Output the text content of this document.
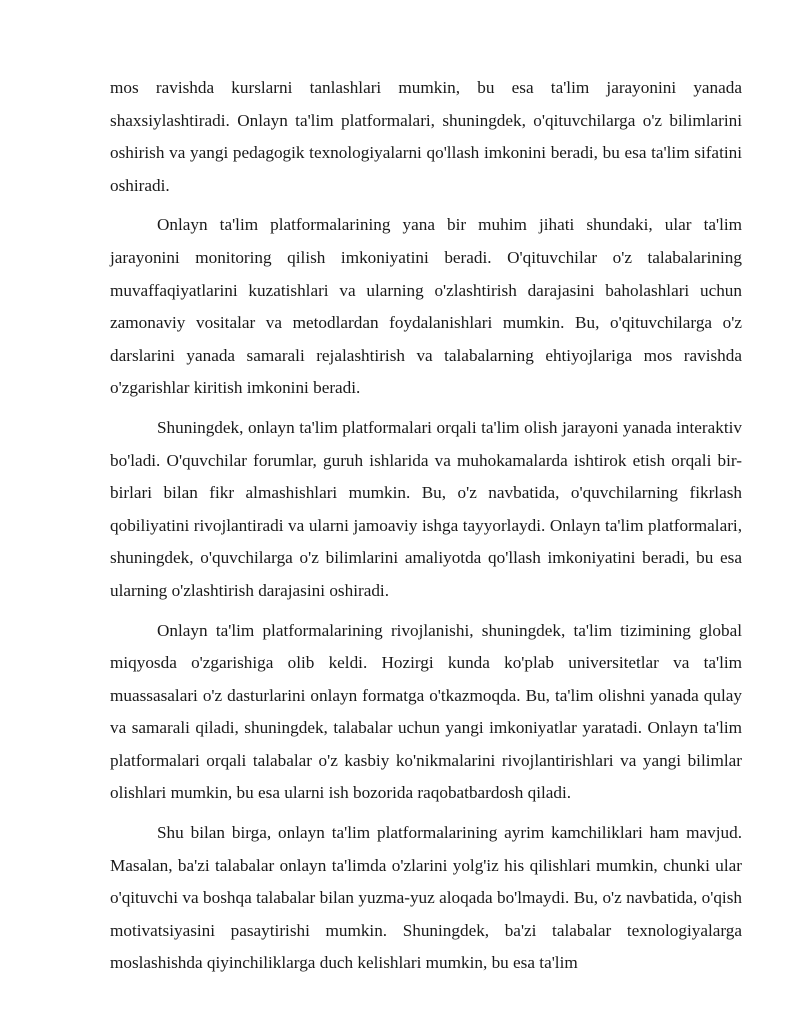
mos ravishda kurslarni tanlashlari mumkin, bu esa ta'lim jarayonini yanada shaxsiylashtiradi. Onlayn ta'lim platformalari, shuningdek, o'qituvchilarga o'z bilimlarini oshirish va yangi pedagogik texnologiyalarni qo'llash imkonini beradi, bu esa ta'lim sifatini oshiradi.

Onlayn ta'lim platformalarining yana bir muhim jihati shundaki, ular ta'lim jarayonini monitoring qilish imkoniyatini beradi. O'qituvchilar o'z talabalarining muvaffaqiyatlarini kuzatishlari va ularning o'zlashtirish darajasini baholashlari uchun zamonaviy vositalar va metodlardan foydalanishlari mumkin. Bu, o'qituvchilarga o'z darslarini yanada samarali rejalashtirish va talabalarning ehtiyojlariga mos ravishda o'zgarishlar kiritish imkonini beradi.

Shuningdek, onlayn ta'lim platformalari orqali ta'lim olish jarayoni yanada interaktiv bo'ladi. O'quvchilar forumlar, guruh ishlarida va muhokamalarda ishtirok etish orqali bir-birlari bilan fikr almashishlari mumkin. Bu, o'z navbatida, o'quvchilarning fikrlash qobiliyatini rivojlantiradi va ularni jamoaviy ishga tayyorlaydi. Onlayn ta'lim platformalari, shuningdek, o'quvchilarga o'z bilimlarini amaliyotda qo'llash imkoniyatini beradi, bu esa ularning o'zlashtirish darajasini oshiradi.

Onlayn ta'lim platformalarining rivojlanishi, shuningdek, ta'lim tizimining global miqyosda o'zgarishiga olib keldi. Hozirgi kunda ko'plab universitetlar va ta'lim muassasalari o'z dasturlarini onlayn formatga o'tkazmoqda. Bu, ta'lim olishni yanada qulay va samarali qiladi, shuningdek, talabalar uchun yangi imkoniyatlar yaratadi. Onlayn ta'lim platformalari orqali talabalar o'z kasbiy ko'nikmalarini rivojlantirishlari va yangi bilimlar olishlari mumkin, bu esa ularni ish bozorida raqobatbardosh qiladi.

Shu bilan birga, onlayn ta'lim platformalarining ayrim kamchiliklari ham mavjud. Masalan, ba'zi talabalar onlayn ta'limda o'zlarini yolg'iz his qilishlari mumkin, chunki ular o'qituvchi va boshqa talabalar bilan yuzma-yuz aloqada bo'lmaydi. Bu, o'z navbatida, o'qish motivatsiyasini pasaytirishi mumkin. Shuningdek, ba'zi talabalar texnologiyalarga moslashishda qiyinchiliklarga duch kelishlari mumkin, bu esa ta'lim
